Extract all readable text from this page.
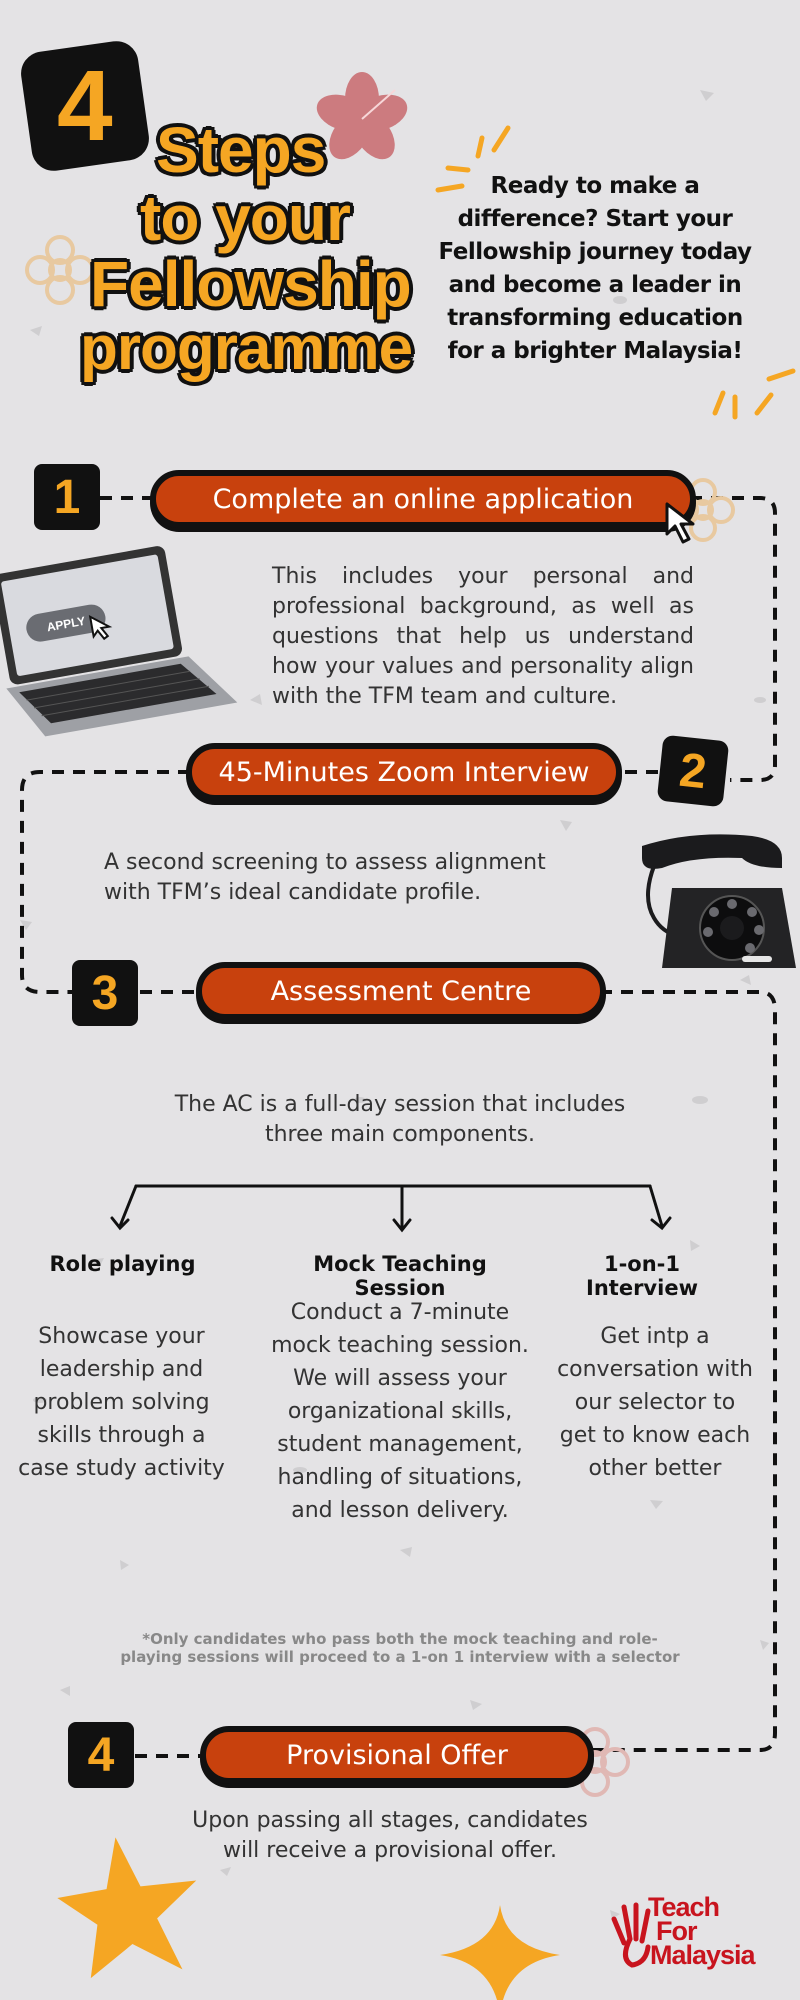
4 Steps
to your
Fellowship
programme
Ready to make a
difference? Start your
Fellowship journey today
and become a leader in
transforming education
for a brighter Malaysia!
1	Complete an online application
APPLY
This includes your personal and professional background, as well as questions that help us understand how your values and personality align with the TFM team and culture.
45-Minutes Zoom Interview	2
A second screening to assess alignment with TFM’s ideal candidate profile.
3	Assessment Centre
The AC is a full-day session that includes three main components.
Role playing
Showcase your leadership and problem solving skills through a case study activity
Mock Teaching Session
Conduct a 7-minute mock teaching session. We will assess your organizational skills, student management, handling of situations, and lesson delivery.
1-on-1 Interview
Get intp a conversation with our selector to get to know each other better
*Only candidates who pass both the mock teaching and role-playing sessions will proceed to a 1-on 1 interview with a selector
4	Provisional Offer
Upon passing all stages, candidates will receive a provisional offer.
Teach
For
Malaysia
